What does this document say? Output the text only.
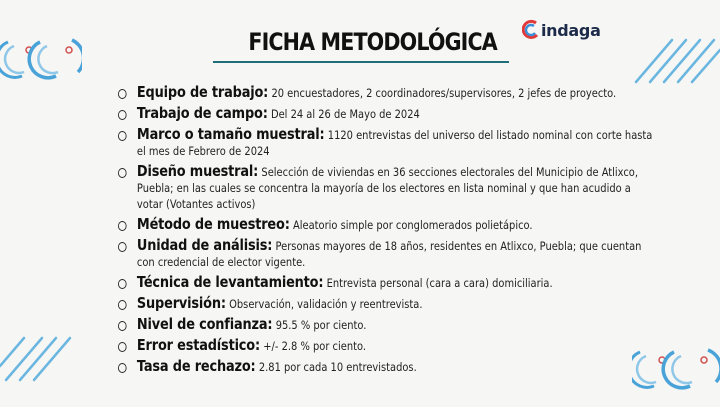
FICHA METODOLÓGICA	indaga
Equipo de trabajo: 20 encuestadores, 2 coordinadores/supervisores, 2 jefes de proyecto.
Trabajo de campo: Del 24 al 26 de Mayo de 2024
Marco o tamaño muestral: 1120 entrevistas del universo del listado nominal con corte hasta el mes de Febrero de 2024
Diseño muestral: Selección de viviendas en 36 secciones electorales del Municipio de Atlixco, Puebla; en las cuales se concentra la mayoría de los electores en lista nominal y que han acudido a votar (Votantes activos)
Método de muestreo: Aleatorio simple por conglomerados polietápico.
Unidad de análisis: Personas mayores de 18 años, residentes en Atlixco, Puebla; que cuentan con credencial de elector vigente.
Técnica de levantamiento: Entrevista personal (cara a cara) domiciliaria.
Supervisión: Observación, validación y reentrevista.
Nivel de confianza: 95.5 % por ciento.
Error estadístico: +/- 2.8 % por ciento.
Tasa de rechazo: 2.81 por cada 10 entrevistados.
